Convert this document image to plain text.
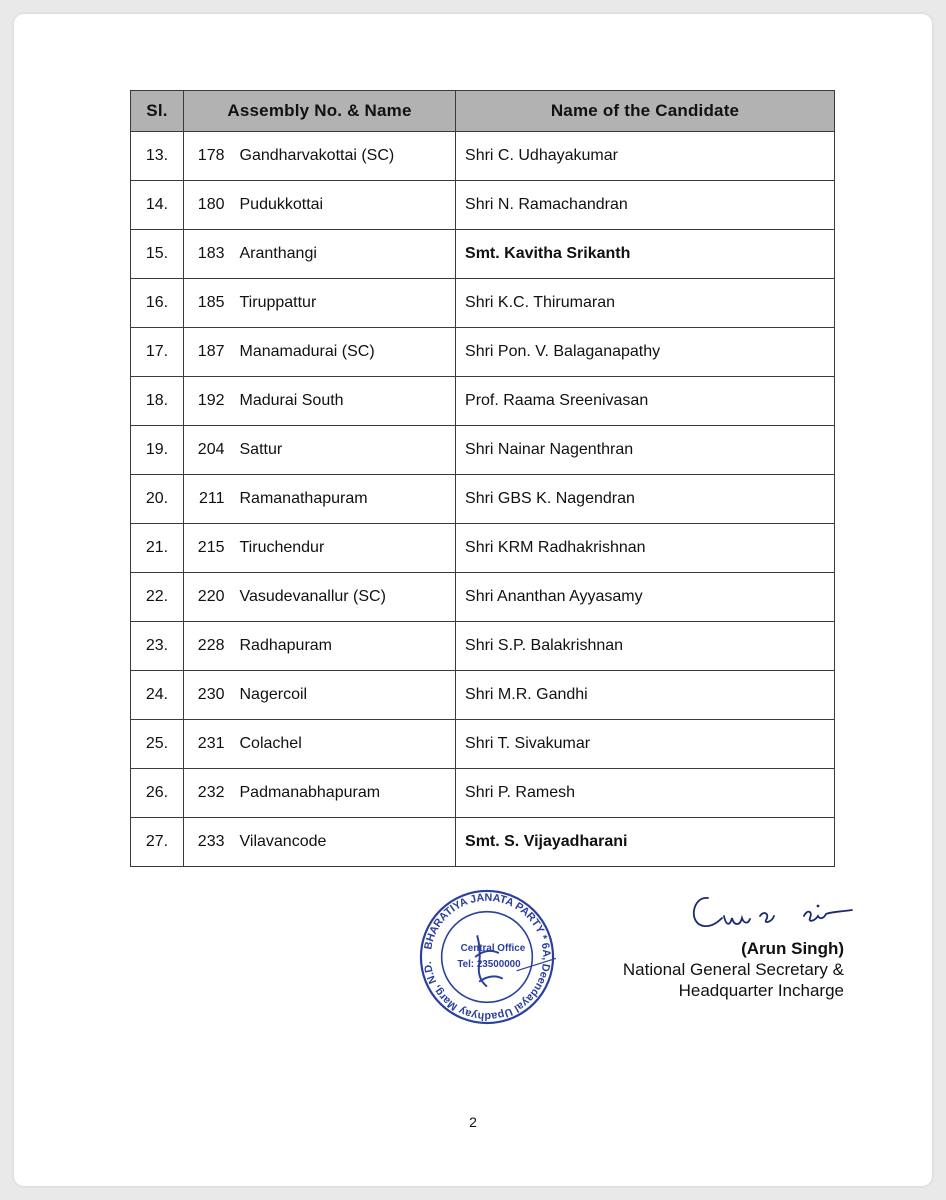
Sl.	Assembly No. & Name		Name of the Candidate
13.	178	Gandharvakottai (SC)	Shri C. Udhayakumar
14.	180	Pudukkottai	Shri N. Ramachandran
15.	183	Aranthangi	Smt. Kavitha Srikanth
16.	185	Tiruppattur	Shri K.C. Thirumaran
17.	187	Manamadurai (SC)	Shri Pon. V. Balaganapathy
18.	192	Madurai South	Prof. Raama Sreenivasan
19.	204	Sattur	Shri Nainar Nagenthran
20.	211	Ramanathapuram	Shri GBS K. Nagendran
21.	215	Tiruchendur	Shri KRM Radhakrishnan
22.	220	Vasudevanallur (SC)	Shri Ananthan Ayyasamy
23.	228	Radhapuram	Shri S.P. Balakrishnan
24.	230	Nagercoil	Shri M.R. Gandhi
25.	231	Colachel	Shri T. Sivakumar
26.	232	Padmanabhapuram	Shri P. Ramesh
27.	233	Vilavancode	Smt. S. Vijayadharani
BHARATIYA JANATA PARTY * 6A, Deendayal Upadhyay Marg, N.D.
Central Office
Tel: 23500000
(Arun Singh)
National General Secretary &
Headquarter Incharge
2
